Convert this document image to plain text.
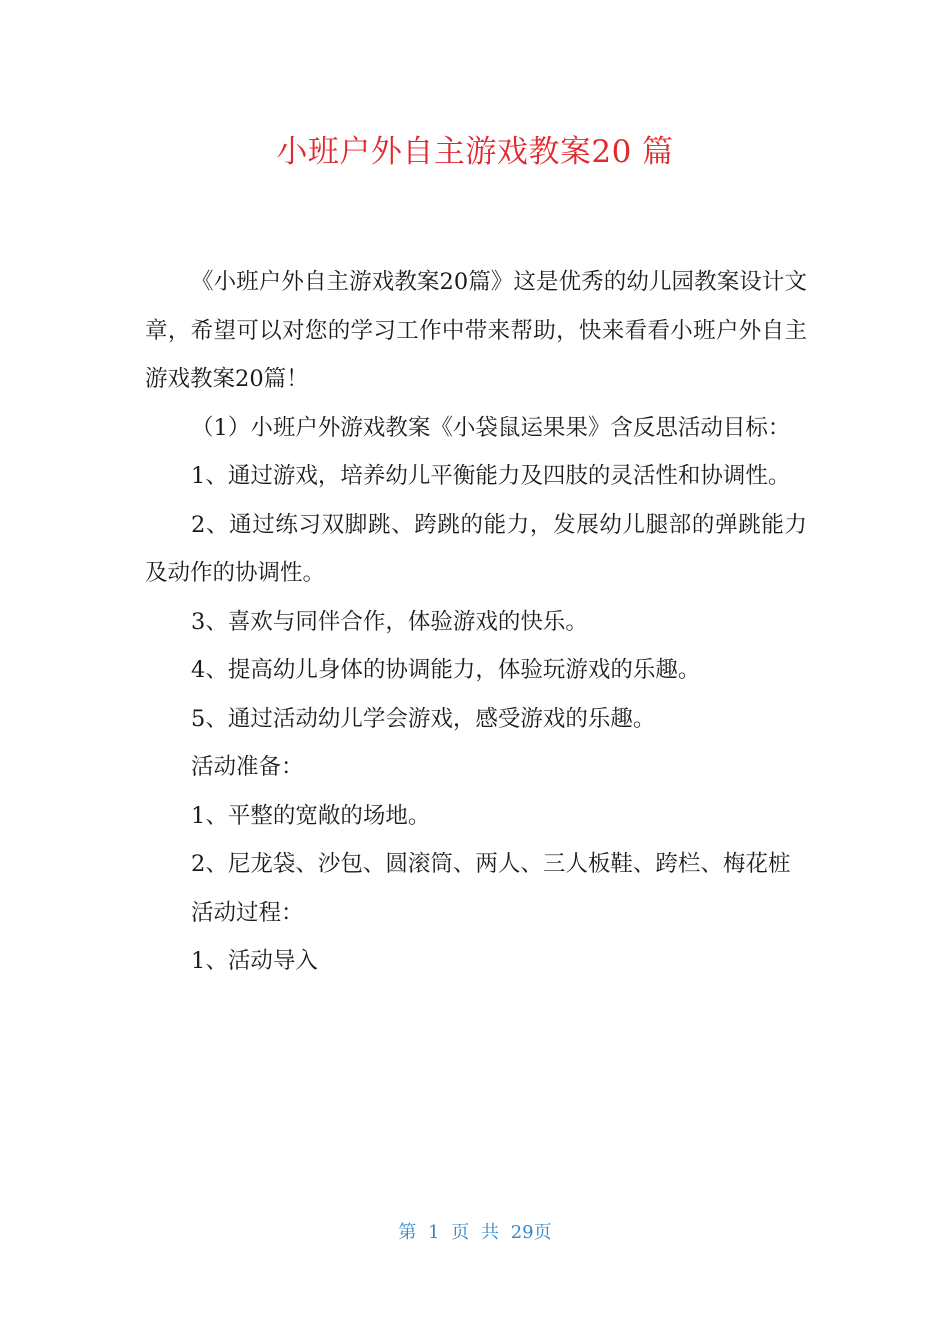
小班户外自主游戏教案20 篇

《小班户外自主游戏教案20篇》这是优秀的幼儿园教案设计文章，希望可以对您的学习工作中带来帮助，快来看看小班户外自主游戏教案20篇！

（1）小班户外游戏教案《小袋鼠运果果》含反思活动目标：

1、通过游戏，培养幼儿平衡能力及四肢的灵活性和协调性。

2、通过练习双脚跳、跨跳的能力，发展幼儿腿部的弹跳能力及动作的协调性。

3、喜欢与同伴合作，体验游戏的快乐。

4、提高幼儿身体的协调能力，体验玩游戏的乐趣。

5、通过活动幼儿学会游戏，感受游戏的乐趣。

活动准备：

1、平整的宽敞的场地。

2、尼龙袋、沙包、圆滚筒、两人、三人板鞋、跨栏、梅花桩

活动过程：

1、活动导入

第 1 页 共 29页
